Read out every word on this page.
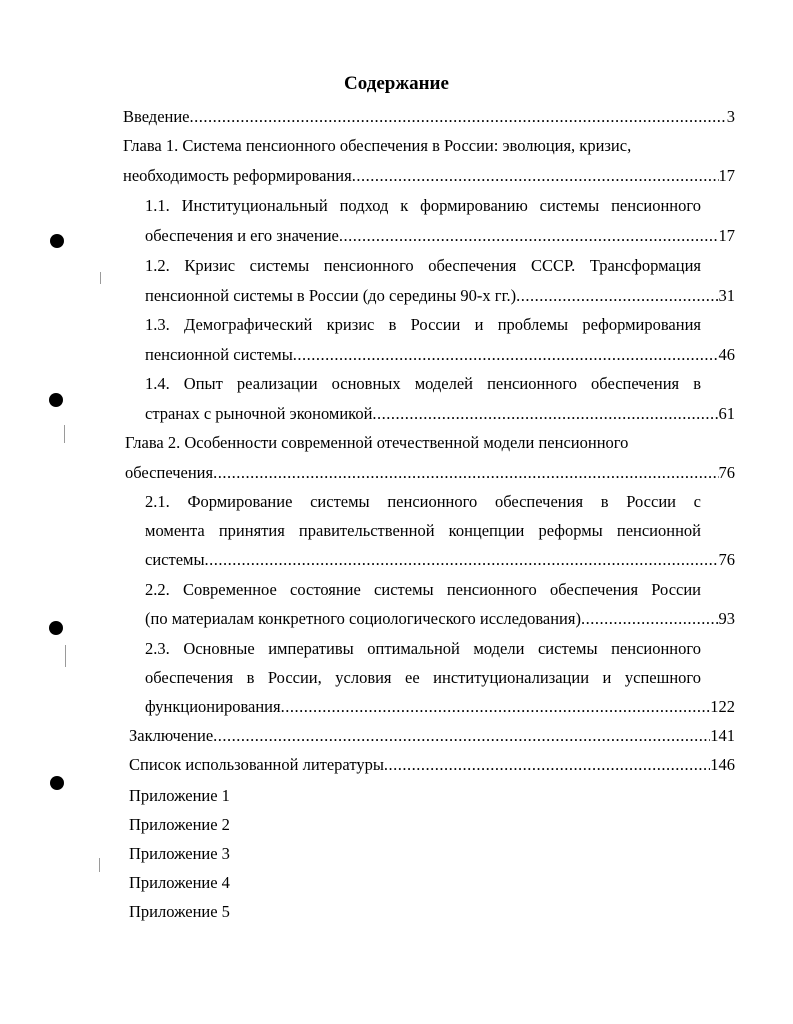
Содержание
Введение .....	3
Глава 1. Система пенсионного обеспечения в России: эволюция, кризис,
необходимость реформирования .....	17
1.1. Институциональный подход к формированию системы пенсионного
обеспечения и его значение .....	17
1.2. Кризис системы пенсионного обеспечения СССР. Трансформация
пенсионной системы в России (до середины 90-х гг.) .....	31
1.3. Демографический кризис в России и проблемы реформирования
пенсионной системы .....	46
1.4. Опыт реализации основных моделей пенсионного обеспечения в
странах с рыночной экономикой .....	61
Глава 2. Особенности современной отечественной модели пенсионного
обеспечения .....	76
2.1. Формирование системы пенсионного обеспечения в России с
момента принятия правительственной концепции реформы пенсионной
системы .....	76
2.2. Современное состояние системы пенсионного обеспечения России
(по материалам конкретного социологического исследования) .....	93
2.3. Основные императивы оптимальной модели системы пенсионного
обеспечения в России, условия ее институционализации и успешного
функционирования .....	122
Заключение .....	141
Список использованной литературы .....	146
Приложение 1
Приложение 2
Приложение 3
Приложение 4
Приложение 5
